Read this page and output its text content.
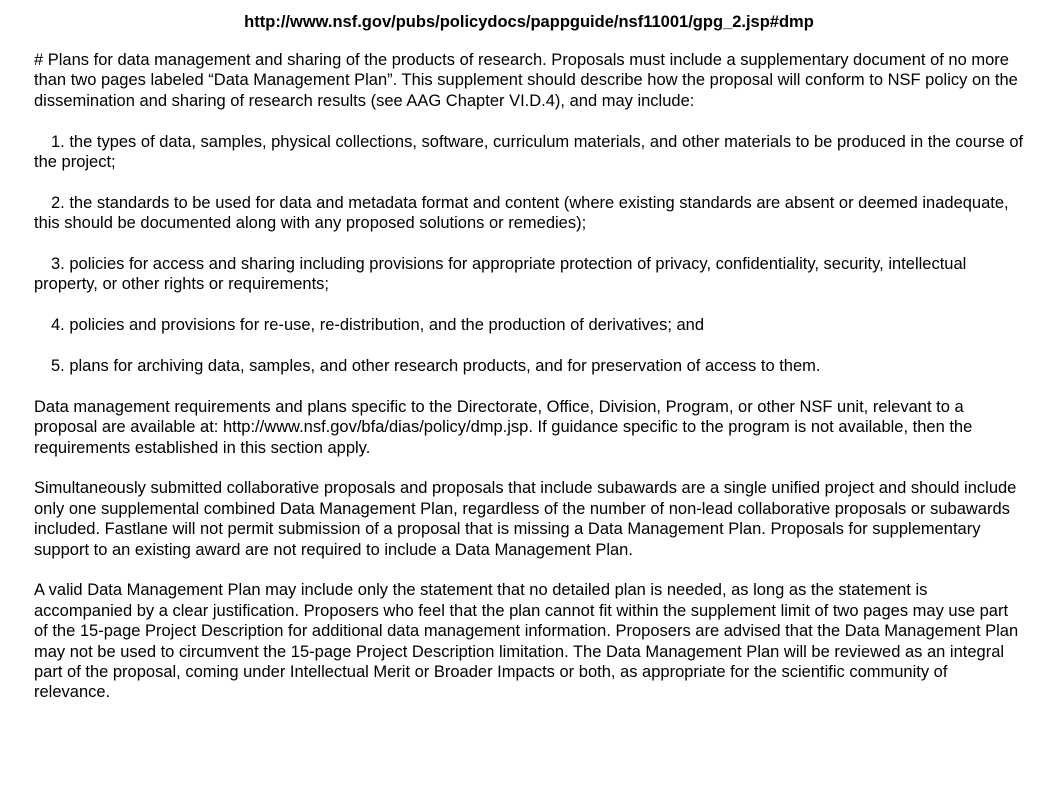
http://www.nsf.gov/pubs/policydocs/pappguide/nsf11001/gpg_2.jsp#dmp

# Plans for data management and sharing of the products of research. Proposals must include a supplementary document of no more than two pages labeled “Data Management Plan”. This supplement should describe how the proposal will conform to NSF policy on the dissemination and sharing of research results (see AAG Chapter VI.D.4), and may include:

1. the types of data, samples, physical collections, software, curriculum materials, and other materials to be produced in the course of the project;

2. the standards to be used for data and metadata format and content (where existing standards are absent or deemed inadequate, this should be documented along with any proposed solutions or remedies);

3. policies for access and sharing including provisions for appropriate protection of privacy, confidentiality, security, intellectual property, or other rights or requirements;

4. policies and provisions for re-use, re-distribution, and the production of derivatives; and

5. plans for archiving data, samples, and other research products, and for preservation of access to them.

Data management requirements and plans specific to the Directorate, Office, Division, Program, or other NSF unit, relevant to a proposal are available at: http://www.nsf.gov/bfa/dias/policy/dmp.jsp. If guidance specific to the program is not available, then the requirements established in this section apply.

Simultaneously submitted collaborative proposals and proposals that include subawards are a single unified project and should include only one supplemental combined Data Management Plan, regardless of the number of non-lead collaborative proposals or subawards included. Fastlane will not permit submission of a proposal that is missing a Data Management Plan. Proposals for supplementary support to an existing award are not required to include a Data Management Plan.

A valid Data Management Plan may include only the statement that no detailed plan is needed, as long as the statement is accompanied by a clear justification. Proposers who feel that the plan cannot fit within the supplement limit of two pages may use part of the 15-page Project Description for additional data management information. Proposers are advised that the Data Management Plan may not be used to circumvent the 15-page Project Description limitation. The Data Management Plan will be reviewed as an integral part of the proposal, coming under Intellectual Merit or Broader Impacts or both, as appropriate for the scientific community of relevance.
